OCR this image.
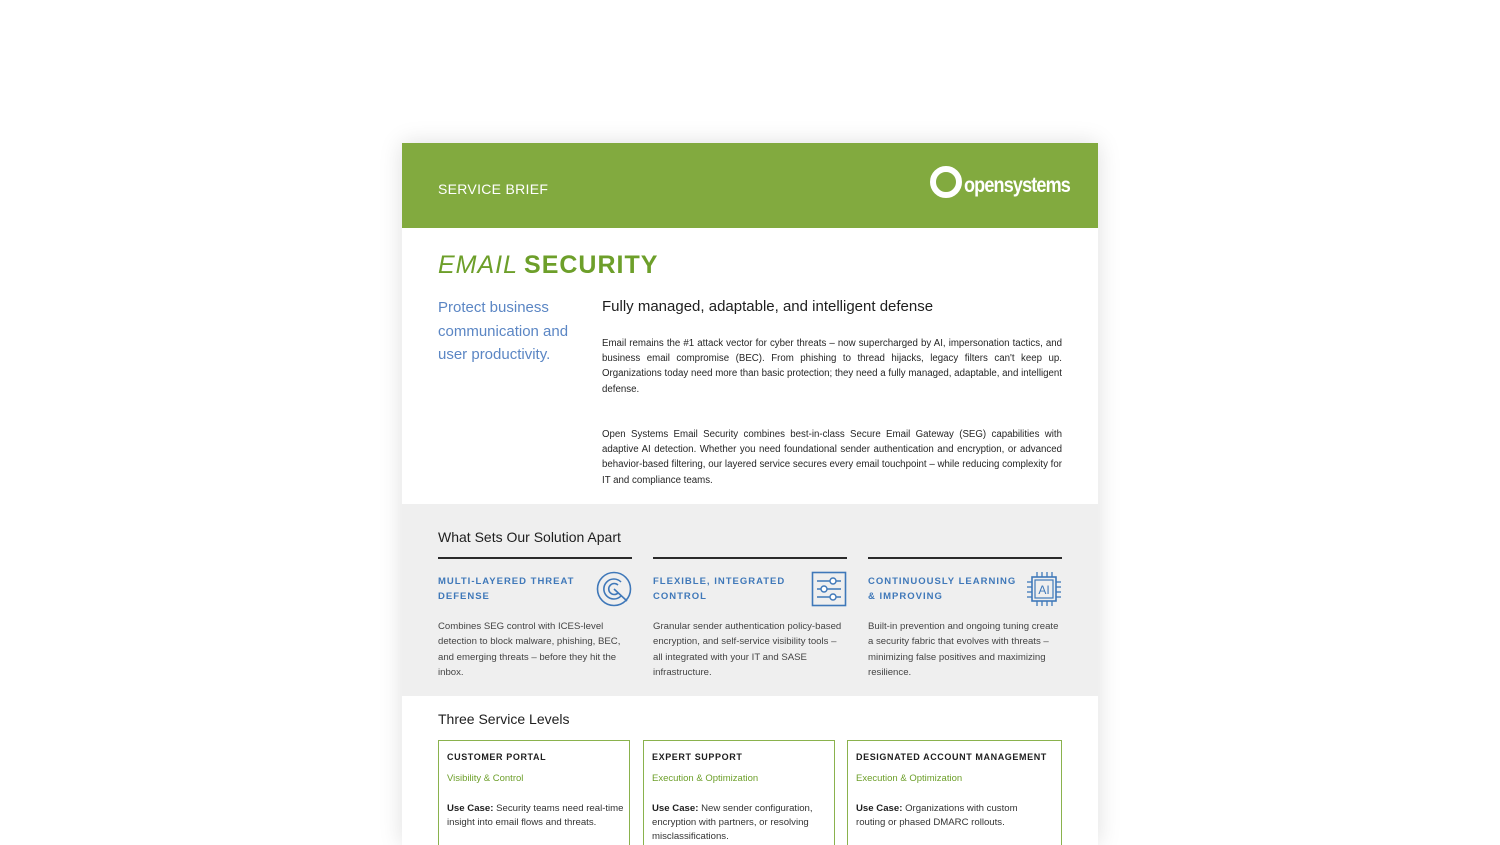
SERVICE BRIEF	opensystems
EMAIL SECURITY
Protect business communication and user productivity.
Fully managed, adaptable, and intelligent defense

Email remains the #1 attack vector for cyber threats – now supercharged by AI, impersonation tactics, and business email compromise (BEC). From phishing to thread hijacks, legacy filters can't keep up. Organizations today need more than basic protection; they need a fully managed, adaptable, and intelligent defense.

Open Systems Email Security combines best-in-class Secure Email Gateway (SEG) capabilities with adaptive AI detection. Whether you need foundational sender authentication and encryption, or advanced behavior-based filtering, our layered service secures every email touchpoint – while reducing complexity for IT and compliance teams.

What Sets Our Solution Apart
MULTI-LAYERED THREAT DEFENSE
Combines SEG control with ICES-level detection to block malware, phishing, BEC, and emerging threats – before they hit the inbox.
FLEXIBLE, INTEGRATED CONTROL
Granular sender authentication policy-based encryption, and self-service visibility tools – all integrated with your IT and SASE infrastructure.
CONTINUOUSLY LEARNING & IMPROVING	AI
Built-in prevention and ongoing tuning create a security fabric that evolves with threats – minimizing false positives and maximizing resilience.
Three Service Levels
CUSTOMER PORTAL
Visibility & Control
Use Case: Security teams need real-time insight into email flows and threats.
EXPERT SUPPORT
Execution & Optimization
Use Case: New sender configuration, encryption with partners, or resolving misclassifications.
DESIGNATED ACCOUNT MANAGEMENT
Execution & Optimization
Use Case: Organizations with custom routing or phased DMARC rollouts.
